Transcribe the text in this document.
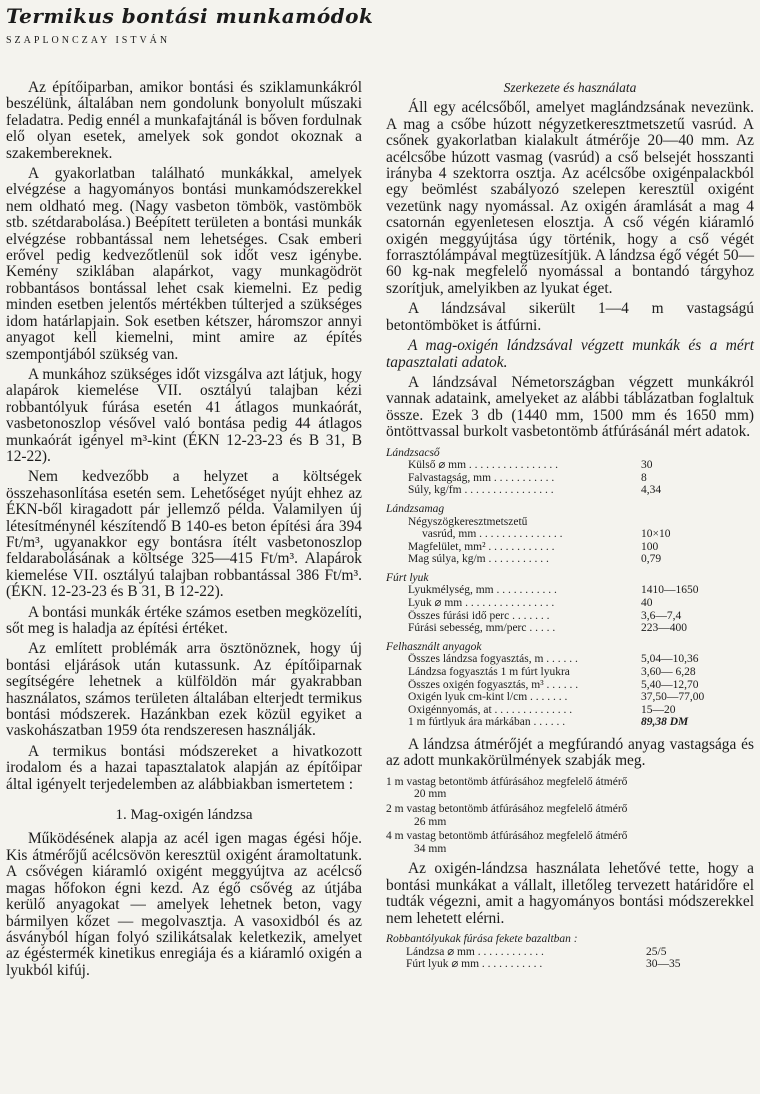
Termikus bontási munkamódok
SZAPLONCZAY ISTVÁN

Az építőiparban, amikor bontási és sziklamunkákról beszélünk, általában nem gondolunk bonyolult műszaki feladatra. Pedig ennél a munkafajtánál is bőven fordulnak elő olyan esetek, amelyek sok gondot okoznak a szakembereknek.

A gyakorlatban található munkákkal, amelyek elvégzése a hagyományos bontási munkamódszerekkel nem oldható meg. (Nagy vasbeton tömbök, vastömbök stb. szétdarabolása.) Beépített területen a bontási munkák elvégzése robbantással nem lehetséges. Csak emberi erővel pedig kedvezőtlenül sok időt vesz igénybe. Kemény sziklában alapárkot, vagy munkagödröt robbantásos bontással lehet csak kiemelni. Ez pedig minden esetben jelentős mértékben túlterjed a szükséges idom határlapjain. Sok esetben kétszer, háromszor annyi anyagot kell kiemelni, mint amire az építés szempontjából szükség van.

A munkához szükséges időt vizsgálva azt látjuk, hogy alapárok kiemelése VII. osztályú talajban kézi robbantólyuk fúrása esetén 41 átlagos munkaórát, vasbetonoszlop vésővel való bontása pedig 44 átlagos munkaórát igényel m³-kint (ÉKN 12-23-23 és B 31, B 12-22).

Nem kedvezőbb a helyzet a költségek összehasonlítása esetén sem. Lehetőséget nyújt ehhez az ÉKN-ből kiragadott pár jellemző példa. Valamilyen új létesítménynél készítendő B 140-es beton építési ára 394 Ft/m³, ugyanakkor egy bontásra ítélt vasbetonoszlop feldarabolásának a költsége 325—415 Ft/m³. Alapárok kiemelése VII. osztályú talajban robbantással 386 Ft/m³. (ÉKN. 12-23-23 és B 31, B 12-22).

A bontási munkák értéke számos esetben megközelíti, sőt meg is haladja az építési értéket.

Az említett problémák arra ösztönöznek, hogy új bontási eljárások után kutassunk. Az építőiparnak segítségére lehetnek a külföldön már gyakrabban használatos, számos területen általában elterjedt termikus bontási módszerek. Hazánkban ezek közül egyiket a vaskohászatban 1959 óta rendszeresen használják.

A termikus bontási módszereket a hivatkozott irodalom és a hazai tapasztalatok alapján az építőipar által igényelt terjedelemben az alábbiakban ismertetem :

1. Mag-oxigén lándzsa

Működésének alapja az acél igen magas égési hője. Kis átmérőjű acélcsövön keresztül oxigént áramoltatunk. A csővégen kiáramló oxigént meggyújtva az acélcső magas hőfokon égni kezd. Az égő csővég az útjába kerülő anyagokat — amelyek lehetnek beton, vagy bármilyen kőzet — megolvasztja. A vasoxidból és az ásványból hígan folyó szilikátsalak keletkezik, amelyet az égéstermék kinetikus enregiája és a kiáramló oxigén a lyukból kifúj.

Szerkezete és használata

Áll egy acélcsőből, amelyet maglándzsának nevezünk. A mag a csőbe húzott négyzetkeresztmetszetű vasrúd. A csőnek gyakorlatban kialakult átmérője 20—40 mm. Az acélcsőbe húzott vasmag (vasrúd) a cső belsejét hosszanti irányba 4 szektorra osztja. Az acélcsőbe oxigénpalackból egy beömlést szabályozó szelepen keresztül oxigént vezetünk nagy nyomással. Az oxigén áramlását a mag 4 csatornán egyenletesen elosztja. A cső végén kiáramló oxigén meggyújtása úgy történik, hogy a cső végét forrasztólámpával megtüzesítjük. A lándzsa égő végét 50—60 kg-nak megfelelő nyomással a bontandó tárgyhoz szorítjuk, amelyikben az lyukat éget.

A lándzsával sikerült 1—4 m vastagságú betontömböket is átfúrni.

A mag-oxigén lándzsával végzett munkák és a mért tapasztalati adatok.

A lándzsával Németországban végzett munkákról vannak adataink, amelyeket az alábbi táblázatban foglaltuk össze. Ezek 3 db (1440 mm, 1500 mm és 1650 mm) öntöttvassal burkolt vasbetontömb átfúrásánál mért adatok.

Lándzsacső
Külső ⌀ mm . . . . . . . . . . . . . . . .	30
Falvastagság, mm . . . . . . . . . . .	8
Súly, kg/fm . . . . . . . . . . . . . . . .	4,34
Lándzsamag
Négyszögkeresztmetszetű
vasrúd, mm . . . . . . . . . . . . . . .	10×10
Magfelület, mm² . . . . . . . . . . . .	100
Mag súlya, kg/m . . . . . . . . . . .	0,79
Fúrt lyuk
Lyukmélység, mm . . . . . . . . . . .	1410—1650
Lyuk ⌀ mm . . . . . . . . . . . . . . . .	40
Összes fúrási idő perc . . . . . . .	3,6—7,4
Fúrási sebesség, mm/perc . . . . .	223—400
Felhasznált anyagok
Összes lándzsa fogyasztás, m . . . . . .	5,04—10,36
Lándzsa fogyasztás 1 m fúrt lyukra	3,60— 6,28
Összes oxigén fogyasztás, m³ . . . . . .	5,40—12,70
Oxigén lyuk cm-kint l/cm . . . . . . .	37,50—77,00
Oxigénnyomás, at . . . . . . . . . . . . . .	15—20
1 m fúrtlyuk ára márkában . . . . . .	89,38 DM

A lándzsa átmérőjét a megfúrandó anyag vastagsága és az adott munkakörülmények szabják meg.

1 m vastag betontömb átfúrásához megfelelő átmérő
20 mm
2 m vastag betontömb átfúrásához megfelelő átmérő
26 mm
4 m vastag betontömb átfúrásához megfelelő átmérő
34 mm

Az oxigén-lándzsa használata lehetővé tette, hogy a bontási munkákat a vállalt, illetőleg tervezett határidőre el tudták végezni, amit a hagyományos bontási módszerekkel nem lehetett elérni.

Robbantólyukak fúrása fekete bazaltban :
Lándzsa ⌀ mm . . . . . . . . . . . .	25/5
Fúrt lyuk ⌀ mm . . . . . . . . . . .	30—35
